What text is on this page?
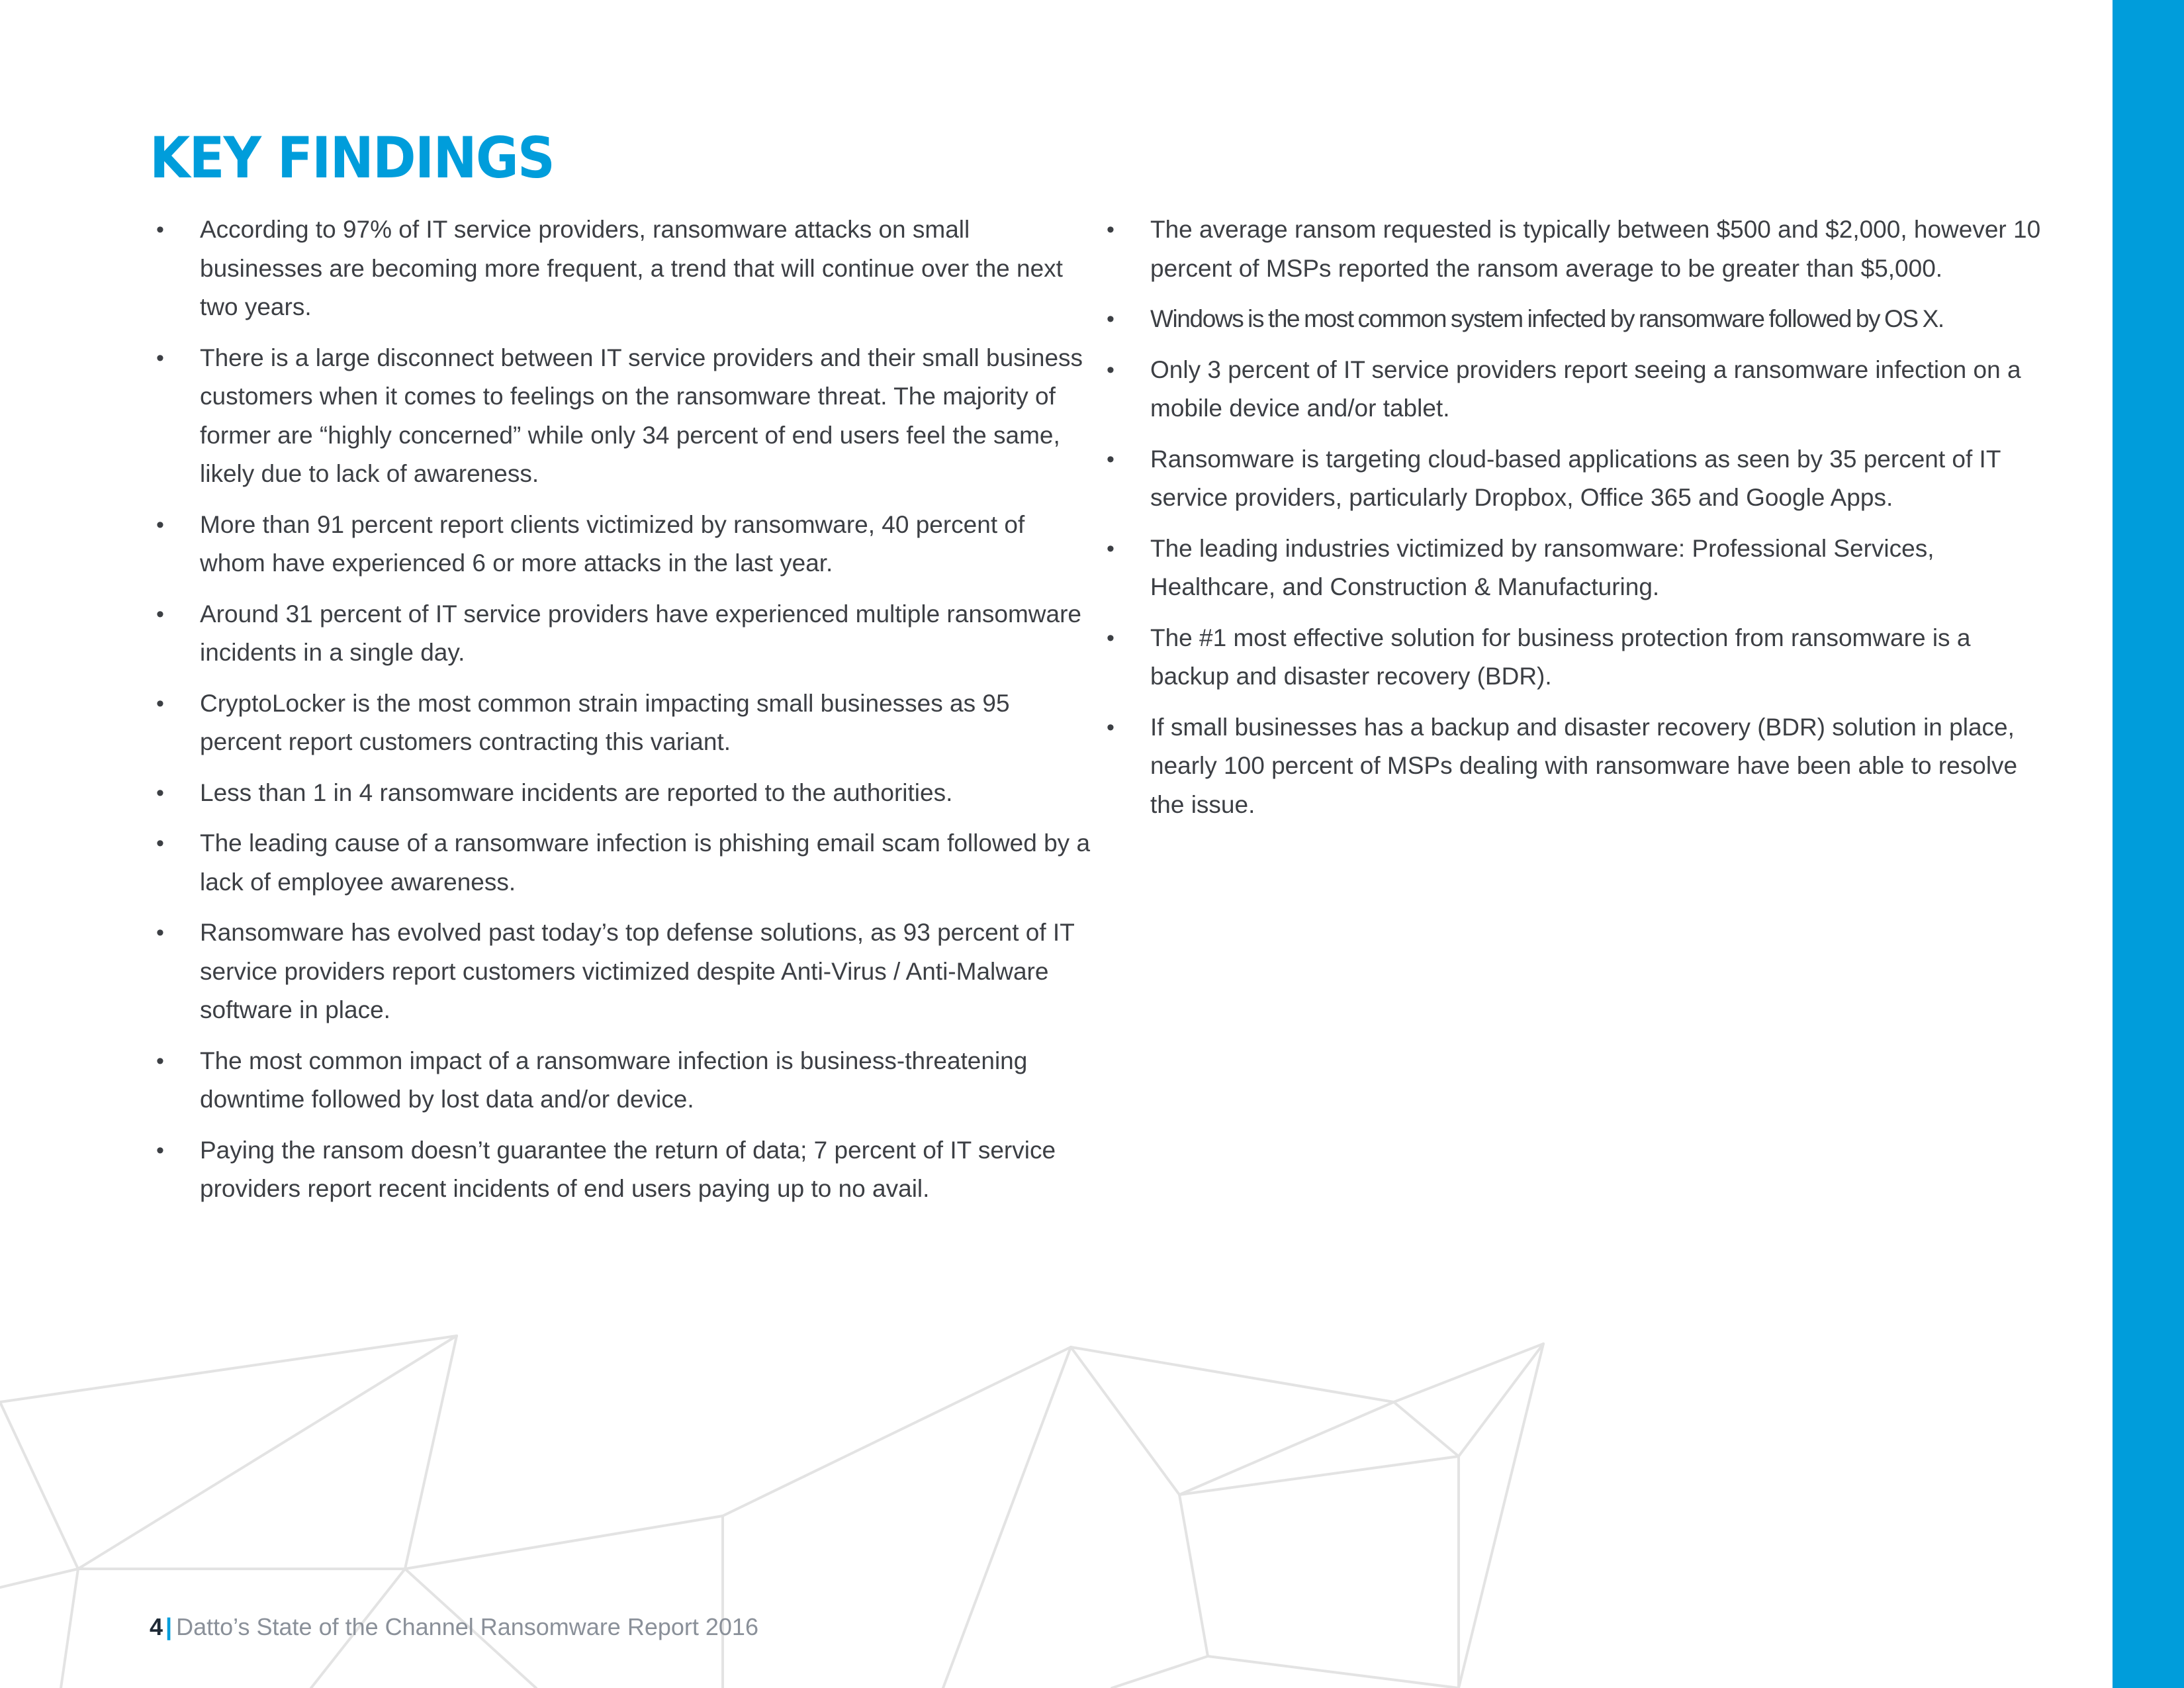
KEY FINDINGS
• According to 97% of IT service providers, ransomware attacks on small businesses are becoming more frequent, a trend that will continue over the next two years.
• There is a large disconnect between IT service providers and their small business customers when it comes to feelings on the ransomware threat. The majority of former are “highly concerned” while only 34 percent of end users feel the same, likely due to lack of awareness.
• More than 91 percent report clients victimized by ransomware, 40 percent of whom have experienced 6 or more attacks in the last year.
• Around 31 percent of IT service providers have experienced multiple ransomware incidents in a single day.
• CryptoLocker is the most common strain impacting small businesses as 95 percent report customers contracting this variant.
• Less than 1 in 4 ransomware incidents are reported to the authorities.
• The leading cause of a ransomware infection is phishing email scam followed by a lack of employee awareness.
• Ransomware has evolved past today’s top defense solutions, as 93 percent of IT service providers report customers victimized despite Anti-Virus / Anti-Malware software in place.
• The most common impact of a ransomware infection is business-threatening downtime followed by lost data and/or device.
• Paying the ransom doesn’t guarantee the return of data; 7 percent of IT service providers report recent incidents of end users paying up to no avail.
• The average ransom requested is typically between $500 and $2,000, however 10 percent of MSPs reported the ransom average to be greater than $5,000.
• Windows is the most common system infected by ransomware followed by OS X.
• Only 3 percent of IT service providers report seeing a ransomware infection on a mobile device and/or tablet.
• Ransomware is targeting cloud-based applications as seen by 35 percent of IT service providers, particularly Dropbox, Office 365 and Google Apps.
• The leading industries victimized by ransomware: Professional Services, Healthcare, and Construction & Manufacturing.
• The #1 most effective solution for business protection from ransomware is a backup and disaster recovery (BDR).
• If small businesses has a backup and disaster recovery (BDR) solution in place, nearly 100 percent of MSPs dealing with ransomware have been able to resolve the issue.
4 | Datto’s State of the Channel Ransomware Report 2016
